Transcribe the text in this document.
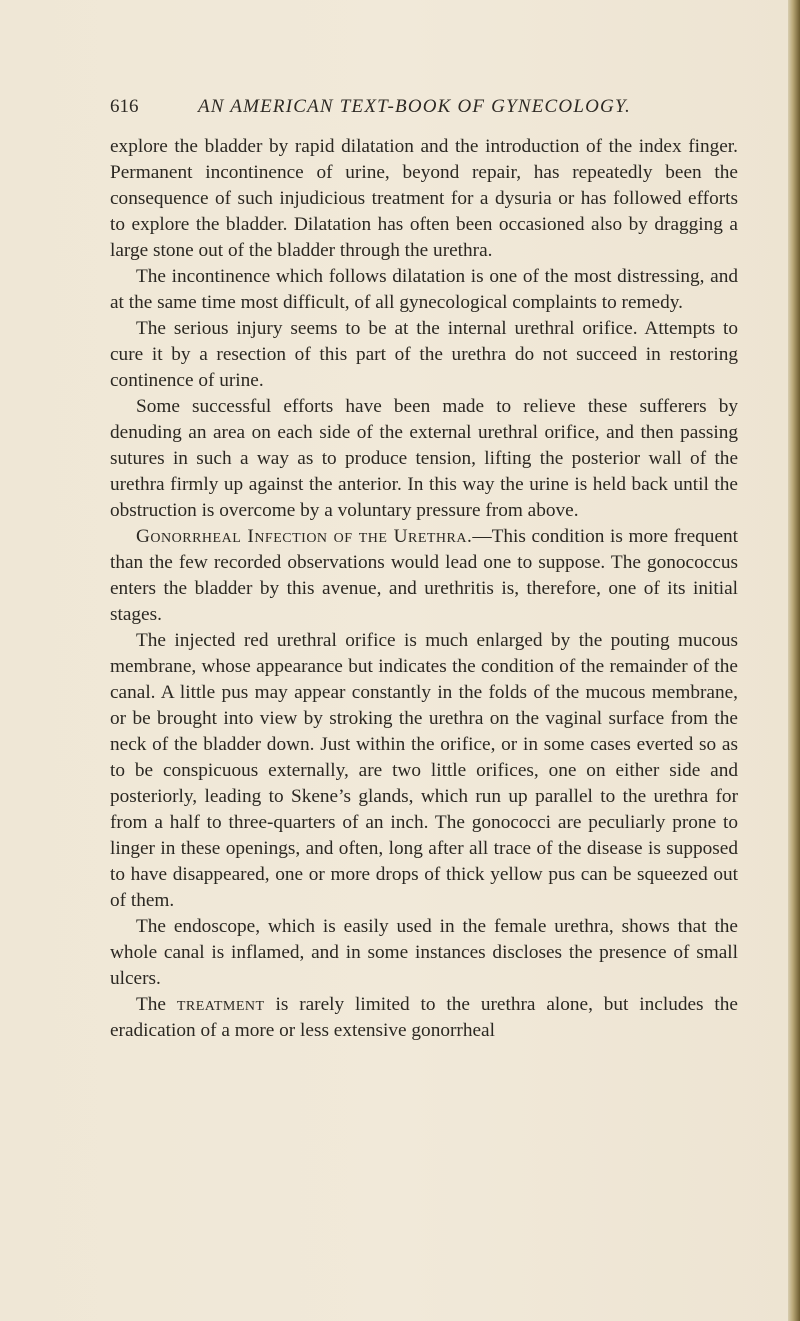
616	AN AMERICAN TEXT-BOOK OF GYNECOLOGY.

explore the bladder by rapid dilatation and the introduction of the index finger. Permanent incontinence of urine, beyond repair, has repeatedly been the consequence of such injudicious treatment for a dysuria or has followed efforts to explore the bladder. Dilatation has often been occasioned also by dragging a large stone out of the bladder through the urethra.

The incontinence which follows dilatation is one of the most distressing, and at the same time most difficult, of all gynecological complaints to remedy.

The serious injury seems to be at the internal urethral orifice. Attempts to cure it by a resection of this part of the urethra do not succeed in restoring continence of urine.

Some successful efforts have been made to relieve these sufferers by denuding an area on each side of the external urethral orifice, and then passing sutures in such a way as to produce tension, lifting the posterior wall of the urethra firmly up against the anterior. In this way the urine is held back until the obstruction is overcome by a voluntary pressure from above.

Gonorrheal Infection of the Urethra.—This condition is more frequent than the few recorded observations would lead one to suppose. The gonococcus enters the bladder by this avenue, and urethritis is, therefore, one of its initial stages.

The injected red urethral orifice is much enlarged by the pouting mucous membrane, whose appearance but indicates the condition of the remainder of the canal. A little pus may appear constantly in the folds of the mucous membrane, or be brought into view by stroking the urethra on the vaginal surface from the neck of the bladder down. Just within the orifice, or in some cases everted so as to be conspicuous externally, are two little orifices, one on either side and posteriorly, leading to Skene’s glands, which run up parallel to the urethra for from a half to three-quarters of an inch. The gonococci are peculiarly prone to linger in these openings, and often, long after all trace of the disease is supposed to have disappeared, one or more drops of thick yellow pus can be squeezed out of them.

The endoscope, which is easily used in the female urethra, shows that the whole canal is inflamed, and in some instances discloses the presence of small ulcers.

The treatment is rarely limited to the urethra alone, but includes the eradication of a more or less extensive gonorrheal
